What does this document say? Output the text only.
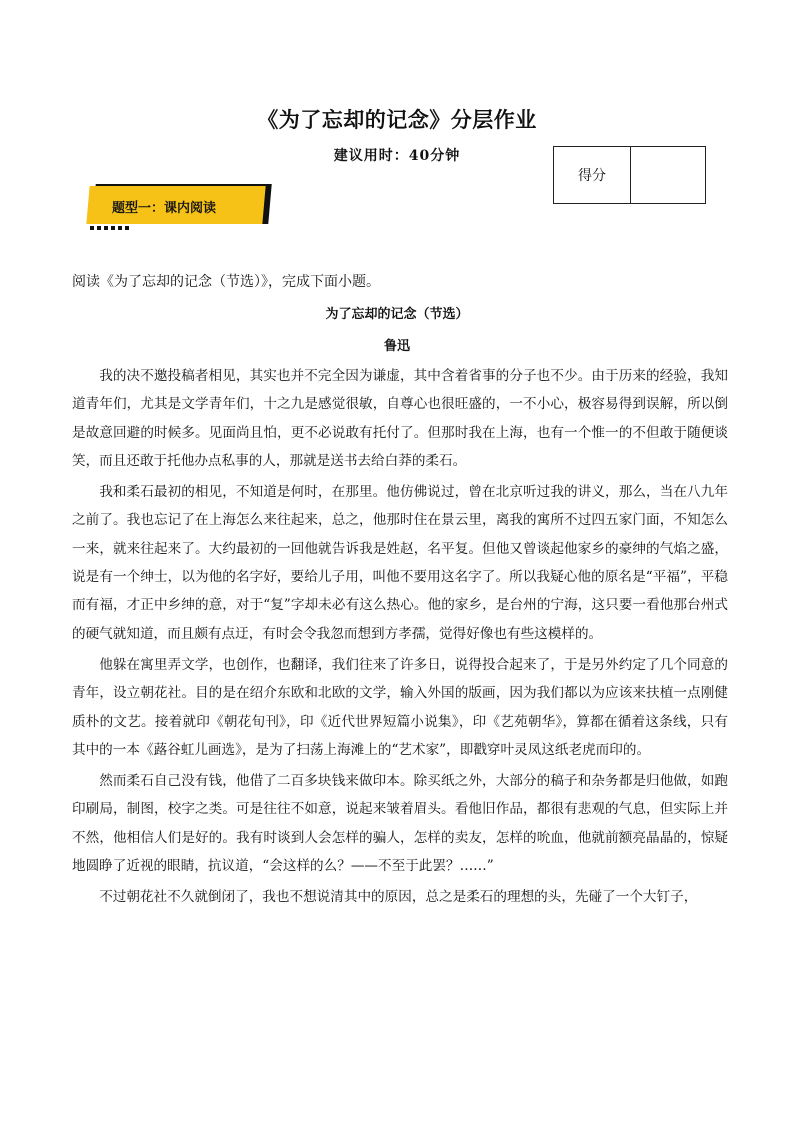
《为了忘却的记念》分层作业
建议用时：40分钟
得分	
题型一：课内阅读
阅读《为了忘却的记念（节选）》，完成下面小题。
为了忘却的记念（节选）
鲁迅

我的决不邀投稿者相见，其实也并不完全因为谦虚，其中含着省事的分子也不少。由于历来的经验，我知道青年们，尤其是文学青年们，十之九是感觉很敏，自尊心也很旺盛的，一不小心，极容易得到误解，所以倒是故意回避的时候多。见面尚且怕，更不必说敢有托付了。但那时我在上海，也有一个惟一的不但敢于随便谈笑，而且还敢于托他办点私事的人，那就是送书去给白莽的柔石。

我和柔石最初的相见，不知道是何时，在那里。他仿佛说过，曾在北京听过我的讲义，那么，当在八九年之前了。我也忘记了在上海怎么来往起来，总之，他那时住在景云里，离我的寓所不过四五家门面，不知怎么一来，就来往起来了。大约最初的一回他就告诉我是姓赵，名平复。但他又曾谈起他家乡的豪绅的气焰之盛，说是有一个绅士，以为他的名字好，要给儿子用，叫他不要用这名字了。所以我疑心他的原名是“平福”，平稳而有福，才正中乡绅的意，对于“复”字却未必有这么热心。他的家乡，是台州的宁海，这只要一看他那台州式的硬气就知道，而且颇有点迂，有时会令我忽而想到方孝孺，觉得好像也有些这模样的。

他躲在寓里弄文学，也创作，也翻译，我们往来了许多日，说得投合起来了，于是另外约定了几个同意的青年，设立朝花社。目的是在绍介东欧和北欧的文学，输入外国的版画，因为我们都以为应该来扶植一点刚健质朴的文艺。接着就印《朝花旬刊》，印《近代世界短篇小说集》，印《艺苑朝华》，算都在循着这条线，只有其中的一本《蕗谷虹儿画选》，是为了扫荡上海滩上的“艺术家”，即戳穿叶灵凤这纸老虎而印的。

然而柔石自己没有钱，他借了二百多块钱来做印本。除买纸之外，大部分的稿子和杂务都是归他做，如跑印刷局，制图，校字之类。可是往往不如意，说起来皱着眉头。看他旧作品，都很有悲观的气息，但实际上并不然，他相信人们是好的。我有时谈到人会怎样的骗人，怎样的卖友，怎样的吮血，他就前额亮晶晶的，惊疑地圆睁了近视的眼睛，抗议道，“会这样的么？——不至于此罢？……”

不过朝花社不久就倒闭了，我也不想说清其中的原因，总之是柔石的理想的头，先碰了一个大钉子，
